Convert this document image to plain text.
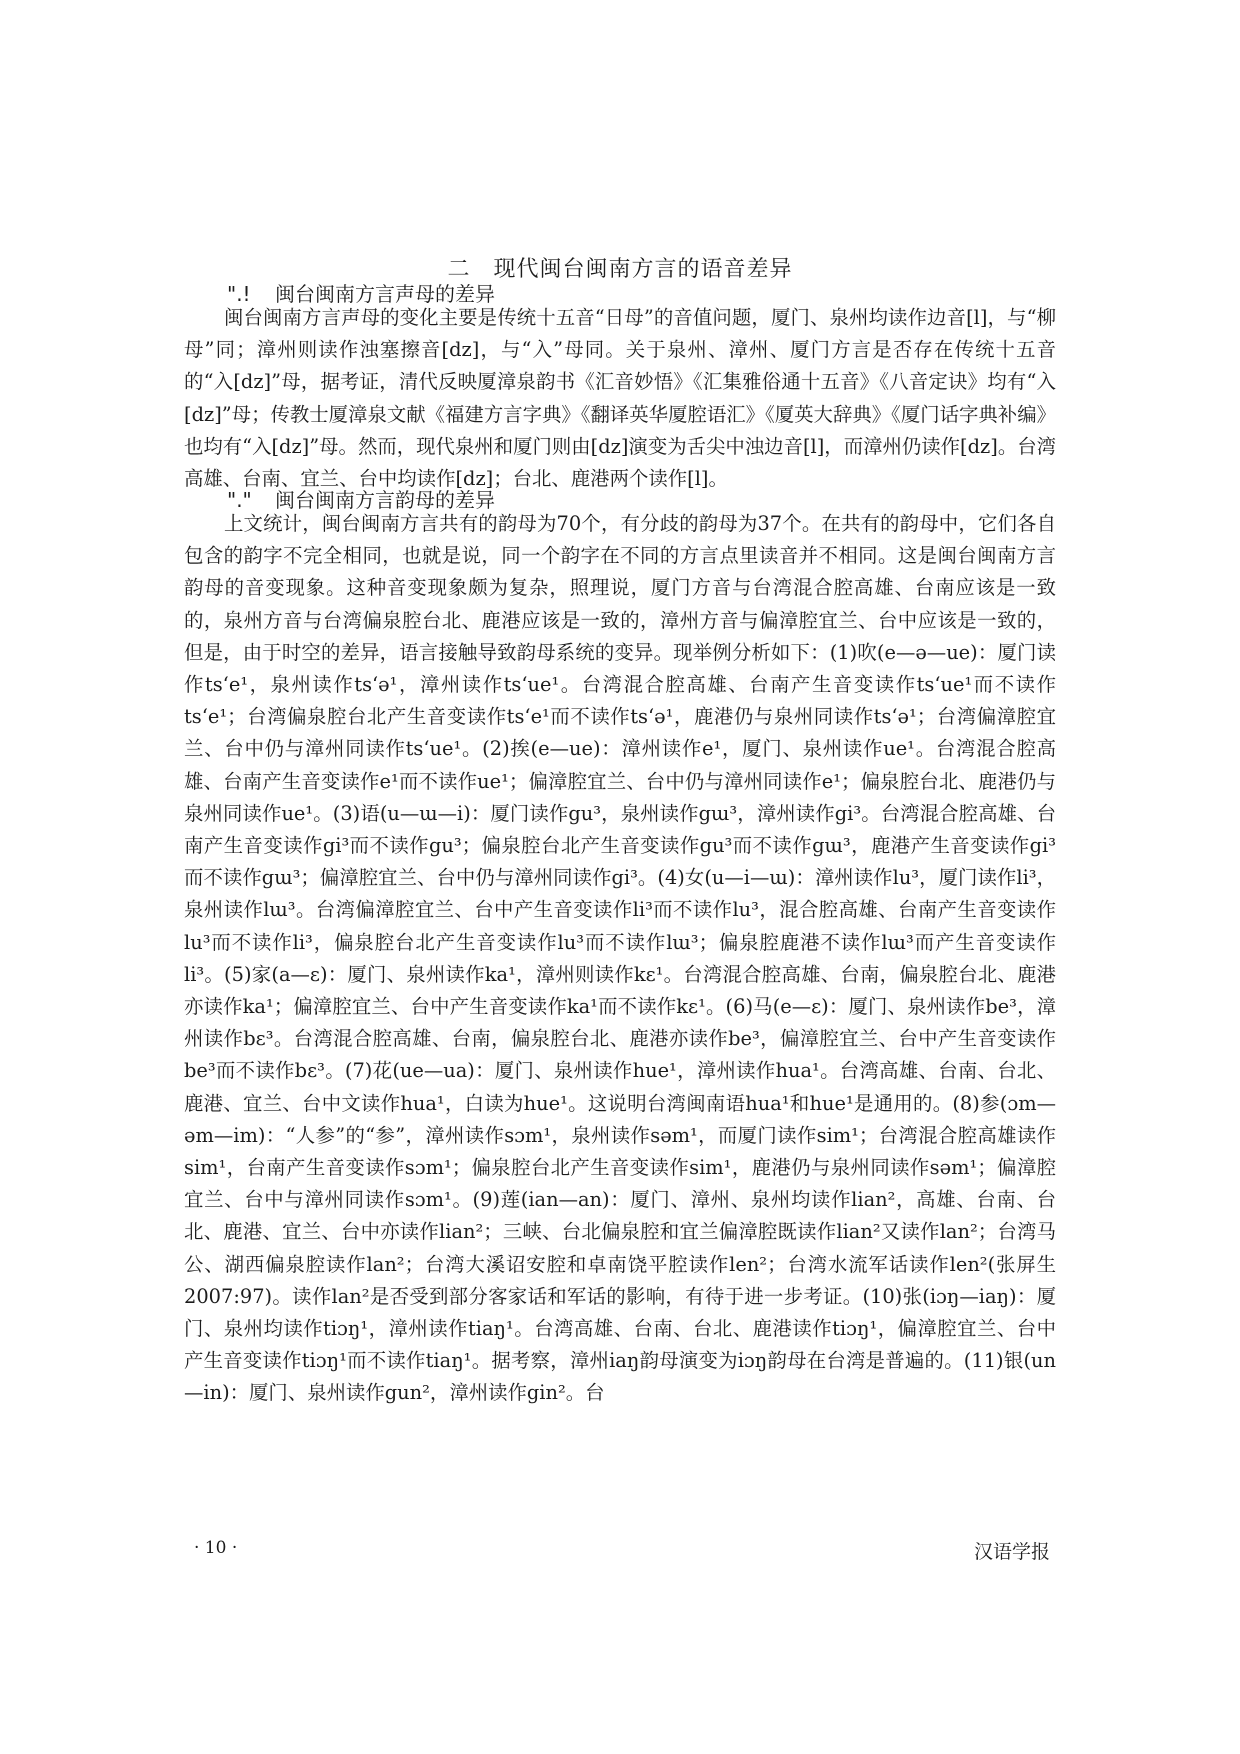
二　现代闽台闽南方言的语音差异
".! 闽台闽南方言声母的差异
闽台闽南方言声母的变化主要是传统十五音“日母”的音值问题，厦门、泉州均读作边音[l]，与“柳母”同；漳州则读作浊塞擦音[dz]，与“入”母同。关于泉州、漳州、厦门方言是否存在传统十五音的“入[dz]”母，据考证，清代反映厦漳泉韵书《汇音妙悟》《汇集雅俗通十五音》《八音定诀》均有“入[dz]”母；传教士厦漳泉文献《福建方言字典》《翻译英华厦腔语汇》《厦英大辞典》《厦门话字典补编》也均有“入[dz]”母。然而，现代泉州和厦门则由[dz]演变为舌尖中浊边音[l]，而漳州仍读作[dz]。台湾高雄、台南、宜兰、台中均读作[dz]；台北、鹿港两个读作[l]。
"." 闽台闽南方言韵母的差异
上文统计，闽台闽南方言共有的韵母为70个，有分歧的韵母为37个。在共有的韵母中，它们各自包含的韵字不完全相同，也就是说，同一个韵字在不同的方言点里读音并不相同。这是闽台闽南方言韵母的音变现象。这种音变现象颇为复杂，照理说，厦门方音与台湾混合腔高雄、台南应该是一致的，泉州方音与台湾偏泉腔台北、鹿港应该是一致的，漳州方音与偏漳腔宜兰、台中应该是一致的，但是，由于时空的差异，语言接触导致韵母系统的变异。现举例分析如下：(1)吹(e—ə—ue)：厦门读作tsʻe¹，泉州读作tsʻə¹，漳州读作tsʻue¹。台湾混合腔高雄、台南产生音变读作tsʻue¹而不读作tsʻe¹；台湾偏泉腔台北产生音变读作tsʻe¹而不读作tsʻə¹，鹿港仍与泉州同读作tsʻə¹；台湾偏漳腔宜兰、台中仍与漳州同读作tsʻue¹。(2)挨(e—ue)：漳州读作e¹，厦门、泉州读作ue¹。台湾混合腔高雄、台南产生音变读作e¹而不读作ue¹；偏漳腔宜兰、台中仍与漳州同读作e¹；偏泉腔台北、鹿港仍与泉州同读作ue¹。(3)语(u—ɯ—i)：厦门读作gu³，泉州读作gɯ³，漳州读作gi³。台湾混合腔高雄、台南产生音变读作gi³而不读作gu³；偏泉腔台北产生音变读作gu³而不读作gɯ³，鹿港产生音变读作gi³而不读作gɯ³；偏漳腔宜兰、台中仍与漳州同读作gi³。(4)女(u—i—ɯ)：漳州读作lu³，厦门读作li³，泉州读作lɯ³。台湾偏漳腔宜兰、台中产生音变读作li³而不读作lu³，混合腔高雄、台南产生音变读作lu³而不读作li³，偏泉腔台北产生音变读作lu³而不读作lɯ³；偏泉腔鹿港不读作lɯ³而产生音变读作li³。(5)家(a—ɛ)：厦门、泉州读作ka¹，漳州则读作kɛ¹。台湾混合腔高雄、台南，偏泉腔台北、鹿港亦读作ka¹；偏漳腔宜兰、台中产生音变读作ka¹而不读作kɛ¹。(6)马(e—ɛ)：厦门、泉州读作be³，漳州读作bɛ³。台湾混合腔高雄、台南，偏泉腔台北、鹿港亦读作be³，偏漳腔宜兰、台中产生音变读作be³而不读作bɛ³。(7)花(ue—ua)：厦门、泉州读作hue¹，漳州读作hua¹。台湾高雄、台南、台北、鹿港、宜兰、台中文读作hua¹，白读为hue¹。这说明台湾闽南语hua¹和hue¹是通用的。(8)参(ɔm—əm—im)：“人参”的“参”，漳州读作sɔm¹，泉州读作səm¹，而厦门读作sim¹；台湾混合腔高雄读作sim¹，台南产生音变读作sɔm¹；偏泉腔台北产生音变读作sim¹，鹿港仍与泉州同读作səm¹；偏漳腔宜兰、台中与漳州同读作sɔm¹。(9)莲(ian—an)：厦门、漳州、泉州均读作lian²，高雄、台南、台北、鹿港、宜兰、台中亦读作lian²；三峡、台北偏泉腔和宜兰偏漳腔既读作lian²又读作lan²；台湾马公、湖西偏泉腔读作lan²；台湾大溪诏安腔和卓南饶平腔读作len²；台湾水流军话读作len²(张屏生2007:97)。读作lan²是否受到部分客家话和军话的影响，有待于进一步考证。(10)张(iɔŋ—iaŋ)：厦门、泉州均读作tiɔŋ¹，漳州读作tiaŋ¹。台湾高雄、台南、台北、鹿港读作tiɔŋ¹，偏漳腔宜兰、台中产生音变读作tiɔŋ¹而不读作tiaŋ¹。据考察，漳州iaŋ韵母演变为iɔŋ韵母在台湾是普遍的。(11)银(un—in)：厦门、泉州读作gun²，漳州读作gin²。台
· 10 ·	汉语学报
